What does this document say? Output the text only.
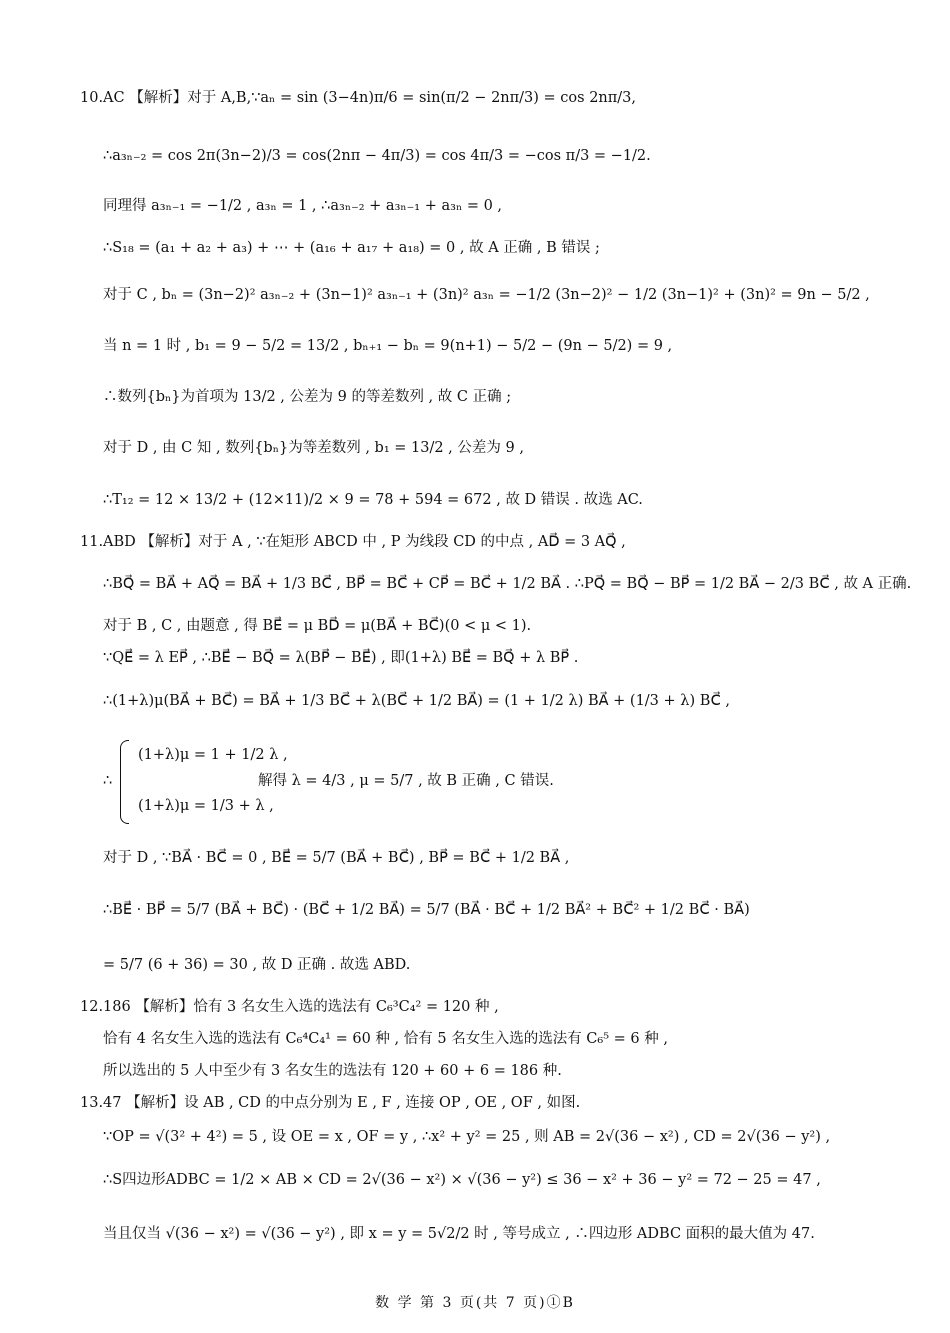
10.AC 【解析】对于 A,B,∵aₙ = sin (3−4n)π/6 = sin(π/2 − 2nπ/3) = cos 2nπ/3,
∴a₃ₙ₋₂ = cos 2π(3n−2)/3 = cos(2nπ − 4π/3) = cos 4π/3 = −cos π/3 = −1/2.
同理得 a₃ₙ₋₁ = −1/2 , a₃ₙ = 1 , ∴a₃ₙ₋₂ + a₃ₙ₋₁ + a₃ₙ = 0 ,
∴S₁₈ = (a₁ + a₂ + a₃) + ⋯ + (a₁₆ + a₁₇ + a₁₈) = 0 , 故 A 正确 , B 错误 ;
对于 C , bₙ = (3n−2)² a₃ₙ₋₂ + (3n−1)² a₃ₙ₋₁ + (3n)² a₃ₙ = −1/2 (3n−2)² − 1/2 (3n−1)² + (3n)² = 9n − 5/2 ,
当 n = 1 时 , b₁ = 9 − 5/2 = 13/2 , bₙ₊₁ − bₙ = 9(n+1) − 5/2 − (9n − 5/2) = 9 ,
∴数列{bₙ}为首项为 13/2 , 公差为 9 的等差数列 , 故 C 正确 ;
对于 D , 由 C 知 , 数列{bₙ}为等差数列 , b₁ = 13/2 , 公差为 9 ,
∴T₁₂ = 12 × 13/2 + (12×11)/2 × 9 = 78 + 594 = 672 , 故 D 错误 . 故选 AC.
11.ABD 【解析】对于 A , ∵在矩形 ABCD 中 , P 为线段 CD 的中点 , AD⃗ = 3 AQ⃗ ,
∴BQ⃗ = BA⃗ + AQ⃗ = BA⃗ + 1/3 BC⃗ , BP⃗ = BC⃗ + CP⃗ = BC⃗ + 1/2 BA⃗ . ∴PQ⃗ = BQ⃗ − BP⃗ = 1/2 BA⃗ − 2/3 BC⃗ , 故 A 正确.
对于 B , C , 由题意 , 得 BE⃗ = μ BD⃗ = μ(BA⃗ + BC⃗)(0 < μ < 1).
∵QE⃗ = λ EP⃗ , ∴BE⃗ − BQ⃗ = λ(BP⃗ − BE⃗) , 即(1+λ) BE⃗ = BQ⃗ + λ BP⃗ .
∴(1+λ)μ(BA⃗ + BC⃗) = BA⃗ + 1/3 BC⃗ + λ(BC⃗ + 1/2 BA⃗) = (1 + 1/2 λ) BA⃗ + (1/3 + λ) BC⃗ ,
(1+λ)μ = 1 + 1/2 λ ,
∴	解得 λ = 4/3 , μ = 5/7 , 故 B 正确 , C 错误.
(1+λ)μ = 1/3 + λ ,
对于 D , ∵BA⃗ · BC⃗ = 0 , BE⃗ = 5/7 (BA⃗ + BC⃗) , BP⃗ = BC⃗ + 1/2 BA⃗ ,
∴BE⃗ · BP⃗ = 5/7 (BA⃗ + BC⃗) · (BC⃗ + 1/2 BA⃗) = 5/7 (BA⃗ · BC⃗ + 1/2 BA⃗² + BC⃗² + 1/2 BC⃗ · BA⃗)
= 5/7 (6 + 36) = 30 , 故 D 正确 . 故选 ABD.
12.186 【解析】恰有 3 名女生入选的选法有 C₆³C₄² = 120 种 ,
恰有 4 名女生入选的选法有 C₆⁴C₄¹ = 60 种 , 恰有 5 名女生入选的选法有 C₆⁵ = 6 种 ,
所以选出的 5 人中至少有 3 名女生的选法有 120 + 60 + 6 = 186 种.
13.47 【解析】设 AB , CD 的中点分别为 E , F , 连接 OP , OE , OF , 如图.
∵OP = √(3² + 4²) = 5 , 设 OE = x , OF = y , ∴x² + y² = 25 , 则 AB = 2√(36 − x²) , CD = 2√(36 − y²) ,
∴S四边形ADBC = 1/2 × AB × CD = 2√(36 − x²) × √(36 − y²) ≤ 36 − x² + 36 − y² = 72 − 25 = 47 ,
当且仅当 √(36 − x²) = √(36 − y²) , 即 x = y = 5√2/2 时 , 等号成立 , ∴四边形 ADBC 面积的最大值为 47.
数 学 第 3 页(共 7 页)①B
